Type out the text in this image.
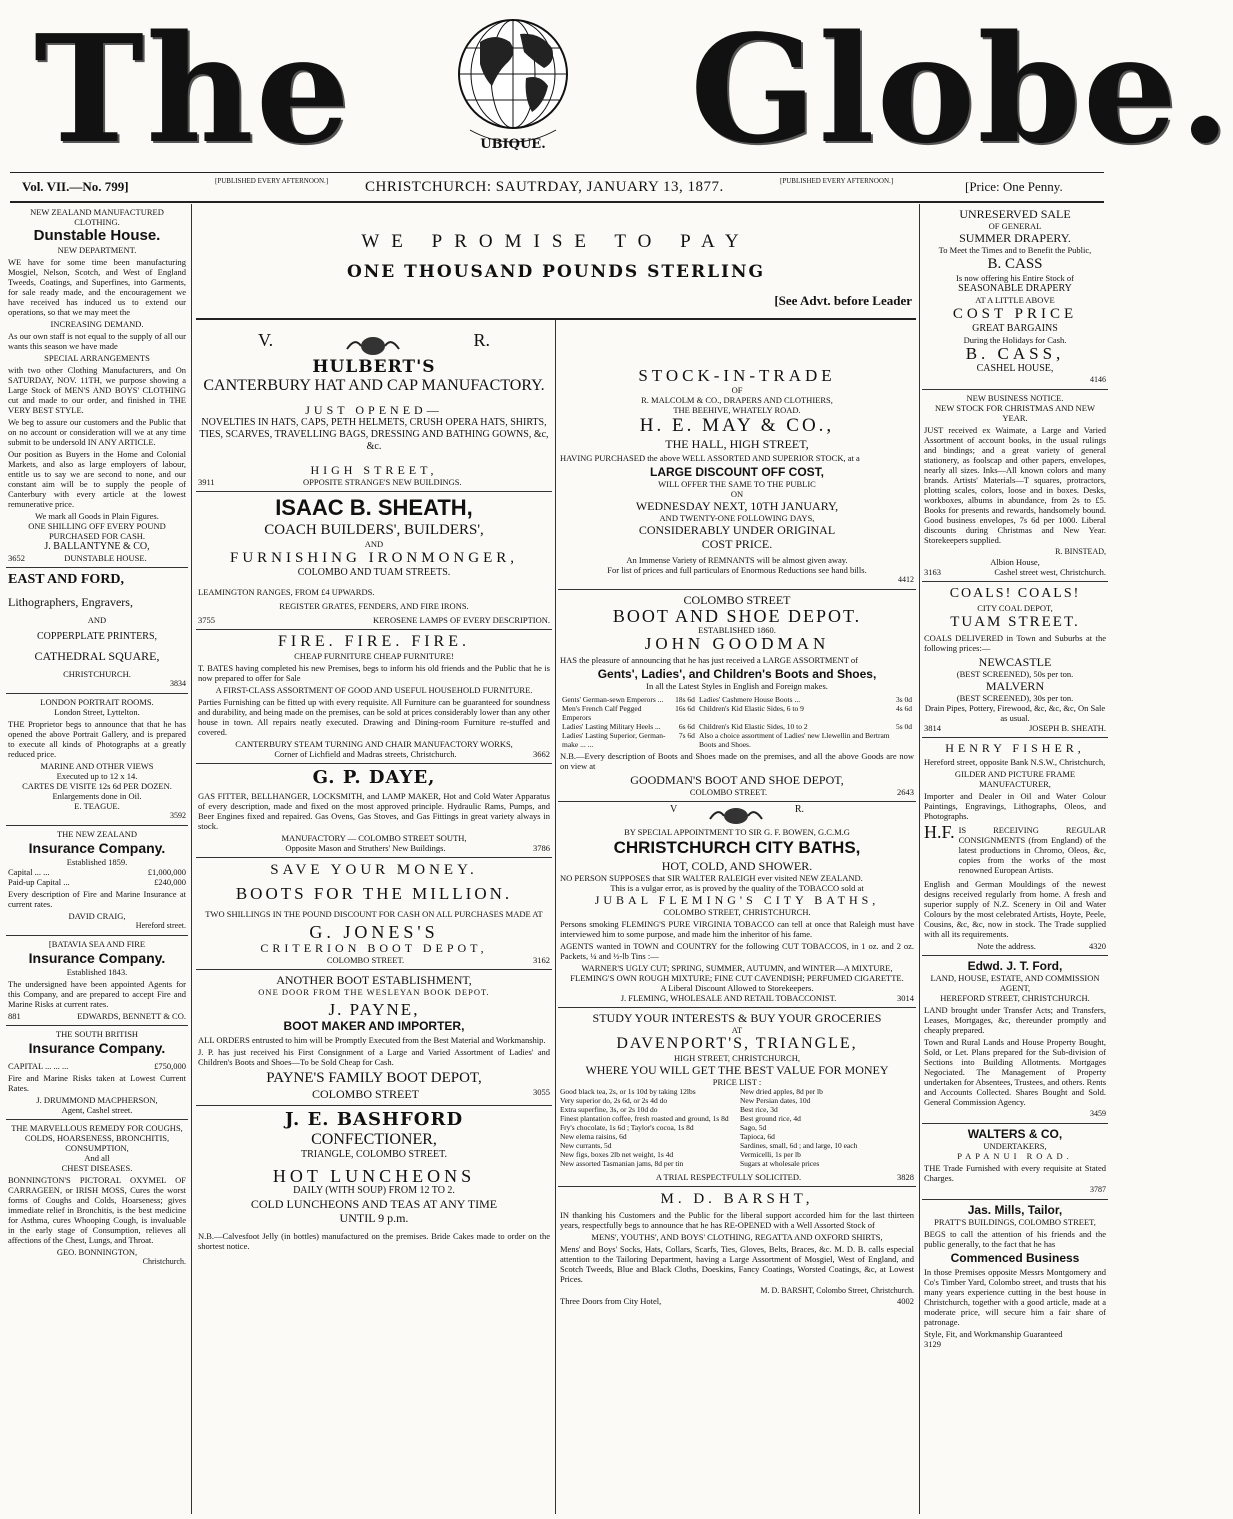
The	UBIQUE. Globe.
Vol. VII.—No. 799]	[PUBLISHED EVERY AFTERNOON.] CHRISTCHURCH: SAUTRDAY, JANUARY 13, 1877.	[PUBLISHED EVERY AFTERNOON.]	[Price: One Penny.
NEW ZEALAND MANUFACTURED CLOTHING.
Dunstable House.
NEW DEPARTMENT.
WE have for some time been manufacturing Mosgiel, Nelson, Scotch, and West of England Tweeds, Coatings, and Superfines, into Garments, for sale ready made, and the encouragement we have received has induced us to extend our operations, so that we may meet the
INCREASING DEMAND.
As our own staff is not equal to the supply of all our wants this season we have made
SPECIAL ARRANGEMENTS
with two other Clothing Manufacturers, and On SATURDAY, NOV. 11TH, we purpose showing a Large Stock of MEN'S AND BOYS' CLOTHING cut and made to our order, and finished in THE VERY BEST STYLE.
We beg to assure our customers and the Public that on no account or consideration will we at any time submit to be undersold IN ANY ARTICLE.
Our position as Buyers in the Home and Colonial Markets, and also as large employers of labour, entitle us to say we are second to none, and our constant aim will be to supply the people of Canterbury with every article at the lowest remunerative price.
We mark all Goods in Plain Figures.
ONE SHILLING OFF EVERY POUND PURCHASED FOR CASH.
J. BALLANTYNE & CO,
3652	DUNSTABLE HOUSE.
EAST AND FORD,
Lithographers, Engravers,
AND
COPPERPLATE PRINTERS,
CATHEDRAL SQUARE,
CHRISTCHURCH.
3834
LONDON PORTRAIT ROOMS.
London Street, Lyttelton.
THE Proprietor begs to announce that that he has opened the above Portrait Gallery, and is prepared to execute all kinds of Photographs at a greatly reduced price.
MARINE AND OTHER VIEWS
Executed up to 12 x 14.
CARTES DE VISITE 12s 6d PER DOZEN.
Enlargements done in Oil.
E. TEAGUE.
3592
THE NEW ZEALAND
Insurance Company.
Established 1859.
Capital ... ...	£1,000,000
Paid-up Capital ...	£240,000
Every description of Fire and Marine Insurance at current rates.
DAVID CRAIG,
Hereford street.
[BATAVIA SEA AND FIRE
Insurance Company.
Established 1843.
The undersigned have been appointed Agents for this Company, and are prepared to accept Fire and Marine Risks at current rates.
881	EDWARDS, BENNETT & CO.
THE SOUTH BRITISH
Insurance Company.
CAPITAL ... ... ...	£750,000
Fire and Marine Risks taken at Lowest Current Rates.
J. DRUMMOND MACPHERSON,
Agent, Cashel street.
THE MARVELLOUS REMEDY FOR COUGHS, COLDS, HOARSENESS, BRONCHITIS, CONSUMPTION,
And all
CHEST DISEASES.
BONNINGTON'S PICTORAL OXYMEL OF CARRAGEEN, or IRISH MOSS, Cures the worst forms of Coughs and Colds, Hoarseness; gives immediate relief in Bronchitis, is the best medicine for Asthma, cures Whooping Cough, is invaluable in the early stage of Consumption, relieves all affections of the Chest, Lungs, and Throat.
GEO. BONNINGTON,
Christchurch.
WE PROMISE TO PAY
ONE THOUSAND POUNDS STERLING
[See Advt. before Leader
V.	R.
HULBERT'S
CANTERBURY HAT AND CAP MANUFACTORY.
JUST OPENED—
NOVELTIES IN HATS, CAPS, PETH HELMETS, CRUSH OPERA HATS, SHIRTS, TIES, SCARVES, TRAVELLING BAGS, DRESSING AND BATHING GOWNS, &c, &c.
HIGH STREET,
3911	OPPOSITE STRANGE'S NEW BUILDINGS.
ISAAC B. SHEATH,
COACH BUILDERS', BUILDERS',
AND
FURNISHING IRONMONGER,
COLOMBO AND TUAM STREETS.
LEAMINGTON RANGES, FROM £4 UPWARDS.
REGISTER GRATES, FENDERS, AND FIRE IRONS.
3755	KEROSENE LAMPS OF EVERY DESCRIPTION.
FIRE. FIRE. FIRE.
CHEAP FURNITURE CHEAP FURNITURE!
T. BATES having completed his new Premises, begs to inform his old friends and the Public that he is now prepared to offer for Sale
A FIRST-CLASS ASSORTMENT OF GOOD AND USEFUL HOUSEHOLD FURNITURE.
Parties Furnishing can be fitted up with every requisite. All Furniture can be guaranteed for soundness and durability, and being made on the premises, can be sold at prices considerably lower than any other house in town. All repairs neatly executed. Drawing and Dining-room Furniture re-stuffed and covered.
CANTERBURY STEAM TURNING AND CHAIR MANUFACTORY WORKS,
Corner of Lichfield and Madras streets, Christchurch.	3662
G. P. DAYE,
GAS FITTER, BELLHANGER, LOCKSMITH, and LAMP MAKER, Hot and Cold Water Apparatus of every description, made and fixed on the most approved principle. Hydraulic Rams, Pumps, and Beer Engines fixed and repaired. Gas Ovens, Gas Stoves, and Gas Fittings in great variety always in stock.
MANUFACTORY — COLOMBO STREET SOUTH,
Opposite Mason and Struthers' New Buildings.	3786
SAVE YOUR MONEY.
BOOTS FOR THE MILLION.
TWO SHILLINGS IN THE POUND DISCOUNT FOR CASH ON ALL PURCHASES MADE AT
G. JONES'S
CRITERION BOOT DEPOT,
COLOMBO STREET.	3162
ANOTHER BOOT ESTABLISHMENT,
ONE DOOR FROM THE WESLEYAN BOOK DEPOT.
J. PAYNE,
BOOT MAKER AND IMPORTER,
ALL ORDERS entrusted to him will be Promptly Executed from the Best Material and Workmanship.
J. P. has just received his First Consignment of a Large and Varied Assortment of Ladies' and Children's Boots and Shoes—To be Sold Cheap for Cash.
PAYNE'S FAMILY BOOT DEPOT,
COLOMBO STREET	3055
J. E. BASHFORD
CONFECTIONER,
TRIANGLE, COLOMBO STREET.
HOT LUNCHEONS
DAILY (WITH SOUP) FROM 12 TO 2.
COLD LUNCHEONS AND TEAS AT ANY TIME
UNTIL 9 p.m.
N.B.—Calvesfoot Jelly (in bottles) manufactured on the premises. Bride Cakes made to order on the shortest notice.
STOCK-IN-TRADE
OF
R. MALCOLM & CO., DRAPERS AND CLOTHIERS,
THE BEEHIVE, WHATELY ROAD.
H. E. MAY & CO.,
THE HALL, HIGH STREET,
HAVING PURCHASED the above WELL ASSORTED AND SUPERIOR STOCK, at a
LARGE DISCOUNT OFF COST,
WILL OFFER THE SAME TO THE PUBLIC
ON
WEDNESDAY NEXT, 10TH JANUARY,
AND TWENTY-ONE FOLLOWING DAYS,
CONSIDERABLY UNDER ORIGINAL
COST PRICE.
An Immense Variety of REMNANTS will be almost given away.
For list of prices and full particulars of Enormous Reductions see hand bills.
4412
COLOMBO STREET
BOOT AND SHOE DEPOT.
ESTABLISHED 1860.
JOHN GOODMAN
HAS the pleasure of announcing that he has just received a LARGE ASSORTMENT of
Gents', Ladies', and Children's Boots and Shoes,
In all the Latest Styles in English and Foreign makes.
Gents' German-sewn Emperors ...	18s 6d	Ladies' Cashmere House Boots ...	3s 0d
Men's French Calf Pegged Emperors	16s 6d	Children's Kid Elastic Sides, 6 to 9	4s 6d
Ladies' Lasting Military Heels ...	6s 6d	Children's Kid Elastic Sides, 10 to 2	5s 0d
Ladies' Lasting Superior, German-make ... ...	7s 6d	Also a choice assortment of Ladies' new Llewellin and Bertram Boots and Shoes.	
N.B.—Every description of Boots and Shoes made on the premises, and all the above Goods are now on view at
GOODMAN'S BOOT AND SHOE DEPOT,
COLOMBO STREET.	2643
V	R.
BY SPECIAL APPOINTMENT TO SIR G. F. BOWEN, G.C.M.G
CHRISTCHURCH CITY BATHS,
HOT, COLD, AND SHOWER.
NO PERSON SUPPOSES that SIR WALTER RALEIGH ever visited NEW ZEALAND.
This is a vulgar error, as is proved by the quality of the TOBACCO sold at
JUBAL FLEMING'S CITY BATHS,
COLOMBO STREET, CHRISTCHURCH.
Persons smoking FLEMING'S PURE VIRGINIA TOBACCO can tell at once that Raleigh must have interviewed him to some purpose, and made him the inheritor of his fame.
AGENTS wanted in TOWN and COUNTRY for the following CUT TOBACCOS, in 1 oz. and 2 oz. Packets, ¼ and ½-lb Tins :—
WARNER'S UGLY CUT; SPRING, SUMMER, AUTUMN, and WINTER—A MIXTURE, FLEMING'S OWN ROUGH MIXTURE; FINE CUT CAVENDISH; PERFUMED CIGARETTE.
A Liberal Discount Allowed to Storekeepers.
J. FLEMING, WHOLESALE AND RETAIL TOBACCONIST.	3014
STUDY YOUR INTERESTS & BUY YOUR GROCERIES
AT
DAVENPORT'S, TRIANGLE,
HIGH STREET, CHRISTCHURCH,
WHERE YOU WILL GET THE BEST VALUE FOR MONEY
PRICE LIST :
Good black tea, 2s, or 1s 10d by taking 12lbs
Very superior do, 2s 6d, or 2s 4d do
Extra superfine, 3s, or 2s 10d do
Finest plantation coffee, fresh roasted and ground, 1s 8d
Fry's chocolate, 1s 6d ; Taylor's cocoa, 1s 8d
New elema raisins, 6d
New currants, 5d
New figs, boxes 2lb net weight, 1s 4d
New assorted Tasmanian jams, 8d per tin
New dried apples, 8d per lb
New Persian dates, 10d
Best rice, 3d
Best ground rice, 4d
Sago, 5d
Tapioca, 6d
Sardines, small, 6d ; and large, 10 each
Vermicelli, 1s per lb
Sugars at wholesale prices
A TRIAL RESPECTFULLY SOLICITED.	3828
M. D. BARSHT,
IN thanking his Customers and the Public for the liberal support accorded him for the last thirteen years, respectfully begs to announce that he has RE-OPENED with a Well Assorted Stock of
MENS', YOUTHS', AND BOYS' CLOTHING, REGATTA AND OXFORD SHIRTS,
Mens' and Boys' Socks, Hats, Collars, Scarfs, Ties, Gloves, Belts, Braces, &c. M. D. B. calls especial attention to the Tailoring Department, having a Large Assortment of Mosgiel, West of England, and Scotch Tweeds, Blue and Black Cloths, Doeskins, Fancy Coatings, Worsted Coatings, &c, at Lowest Prices.
M. D. BARSHT, Colombo Street, Christchurch.
Three Doors from City Hotel,	4002
UNRESERVED SALE
OF GENERAL
SUMMER DRAPERY.
To Meet the Times and to Benefit the Public,
B. CASS
Is now offering his Entire Stock of
SEASONABLE DRAPERY
AT A LITTLE ABOVE
COST PRICE
GREAT BARGAINS
During the Holidays for Cash.
B. CASS,
CASHEL HOUSE,
4146
NEW BUSINESS NOTICE.
NEW STOCK FOR CHRISTMAS AND NEW YEAR.
JUST received ex Waimate, a Large and Varied Assortment of account books, in the usual rulings and bindings; and a great variety of general stationery, as foolscap and other papers, envelopes, nearly all sizes. Inks—All known colors and many brands. Artists' Materials—T squares, protractors, plotting scales, colors, loose and in boxes. Desks, workboxes, albums in abundance, from 2s to £5. Books for presents and rewards, handsomely bound. Good business envelopes, 7s 6d per 1000. Liberal discounts during Christmas and New Year. Storekeepers supplied.
R. BINSTEAD,
Albion House,
3163	Cashel street west, Christchurch.
COALS! COALS!
CITY COAL DEPOT,
TUAM STREET.
COALS DELIVERED in Town and Suburbs at the following prices:—
NEWCASTLE
(BEST SCREENED), 50s per ton.
MALVERN
(BEST SCREENED), 30s per ton.
Drain Pipes, Pottery, Firewood, &c, &c, &c, On Sale as usual.
3814	JOSEPH B. SHEATH.
HENRY FISHER,
Hereford street, opposite Bank N.S.W., Christchurch,
GILDER AND PICTURE FRAME MANUFACTURER,
Importer and Dealer in Oil and Water Colour Paintings, Engravings, Lithographs, Oleos, and Photographs.
H.F. IS RECEIVING REGULAR CONSIGNMENTS (from England) of the latest productions in Chromo, Oleos, &c, copies from the works of the most renowned European Artists.
English and German Mouldings of the newest designs received regularly from home. A fresh and superior supply of N.Z. Scenery in Oil and Water Colours by the most celebrated Artists, Hoyte, Peele, Cousins, &c, &c, now in stock. The Trade supplied with all its requirements.
Note the address.	4320
Edwd. J. T. Ford,
LAND, HOUSE, ESTATE, AND COMMISSION AGENT,
HEREFORD STREET, CHRISTCHURCH.
LAND brought under Transfer Acts; and Transfers, Leases, Mortgages, &c, thereunder promptly and cheaply prepared.
Town and Rural Lands and House Property Bought, Sold, or Let. Plans prepared for the Sub-division of Sections into Building Allotments. Mortgages Negociated. The Management of Property undertaken for Absentees, Trustees, and others. Rents and Accounts Collected. Shares Bought and Sold. General Commission Agency.
3459
WALTERS & CO,
UNDERTAKERS,
PAPANUI ROAD.
THE Trade Furnished with every requisite at Stated Charges.
3787
Jas. Mills, Tailor,
PRATT'S BUILDINGS, COLOMBO STREET,
BEGS to call the attention of his friends and the public generally, to the fact that he has
Commenced Business
In those Premises opposite Messrs Montgomery and Co's Timber Yard, Colombo street, and trusts that his many years experience cutting in the best house in Christchurch, together with a good article, made at a moderate price, will secure him a fair share of patronage.
Style, Fit, and Workmanship Guaranteed
3129
